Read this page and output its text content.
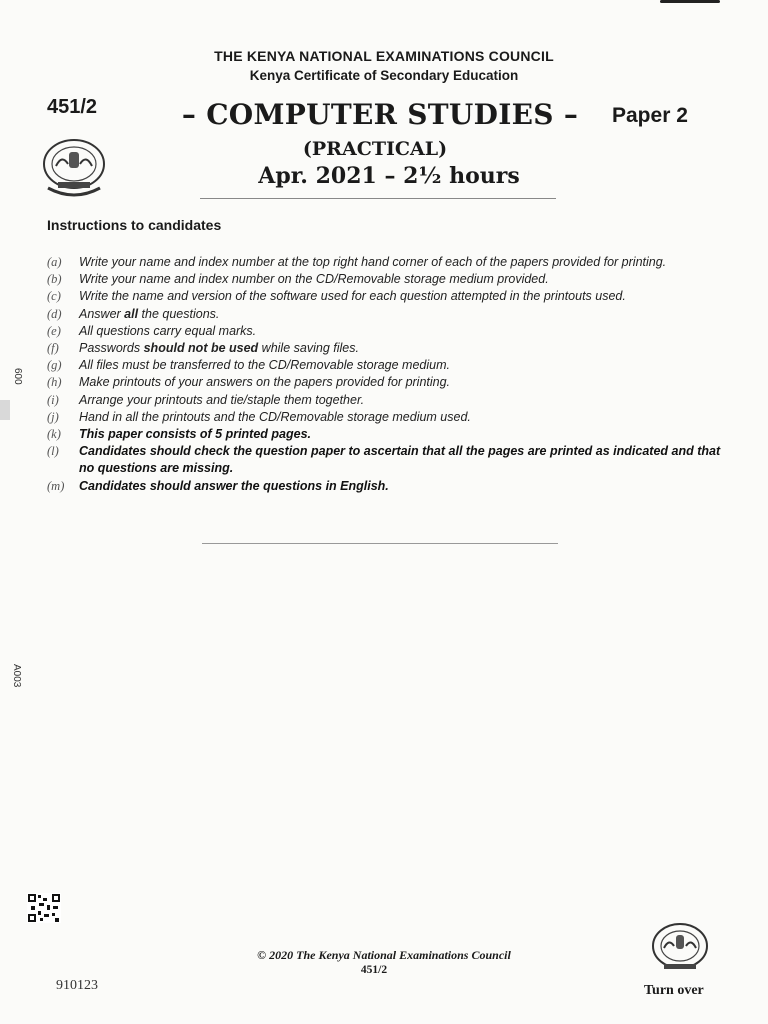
THE KENYA NATIONAL EXAMINATIONS COUNCIL
Kenya Certificate of Secondary Education
451/2	– COMPUTER STUDIES –	Paper 2
(PRACTICAL)
Apr. 2021 – 2½ hours
Instructions to candidates
(a)	Write your name and index number at the top right hand corner of each of the papers provided for printing.
(b)	Write your name and index number on the CD/Removable storage medium provided.
(c)	Write the name and version of the software used for each question attempted in the printouts used.
(d)	Answer all the questions.
(e)	All questions carry equal marks.
(f)	Passwords should not be used while saving files.
(g)	All files must be transferred to the CD/Removable storage medium.
(h)	Make printouts of your answers on the papers provided for printing.
(i)	Arrange your printouts and tie/staple them together.
(j)	Hand in all the printouts and the CD/Removable storage medium used.
(k)	This paper consists of 5 printed pages.
(l)	Candidates should check the question paper to ascertain that all the pages are printed as indicated and that no questions are missing.
(m)	Candidates should answer the questions in English.
600
A003
© 2020 The Kenya National Examinations Council
451/2
910123	Turn over
